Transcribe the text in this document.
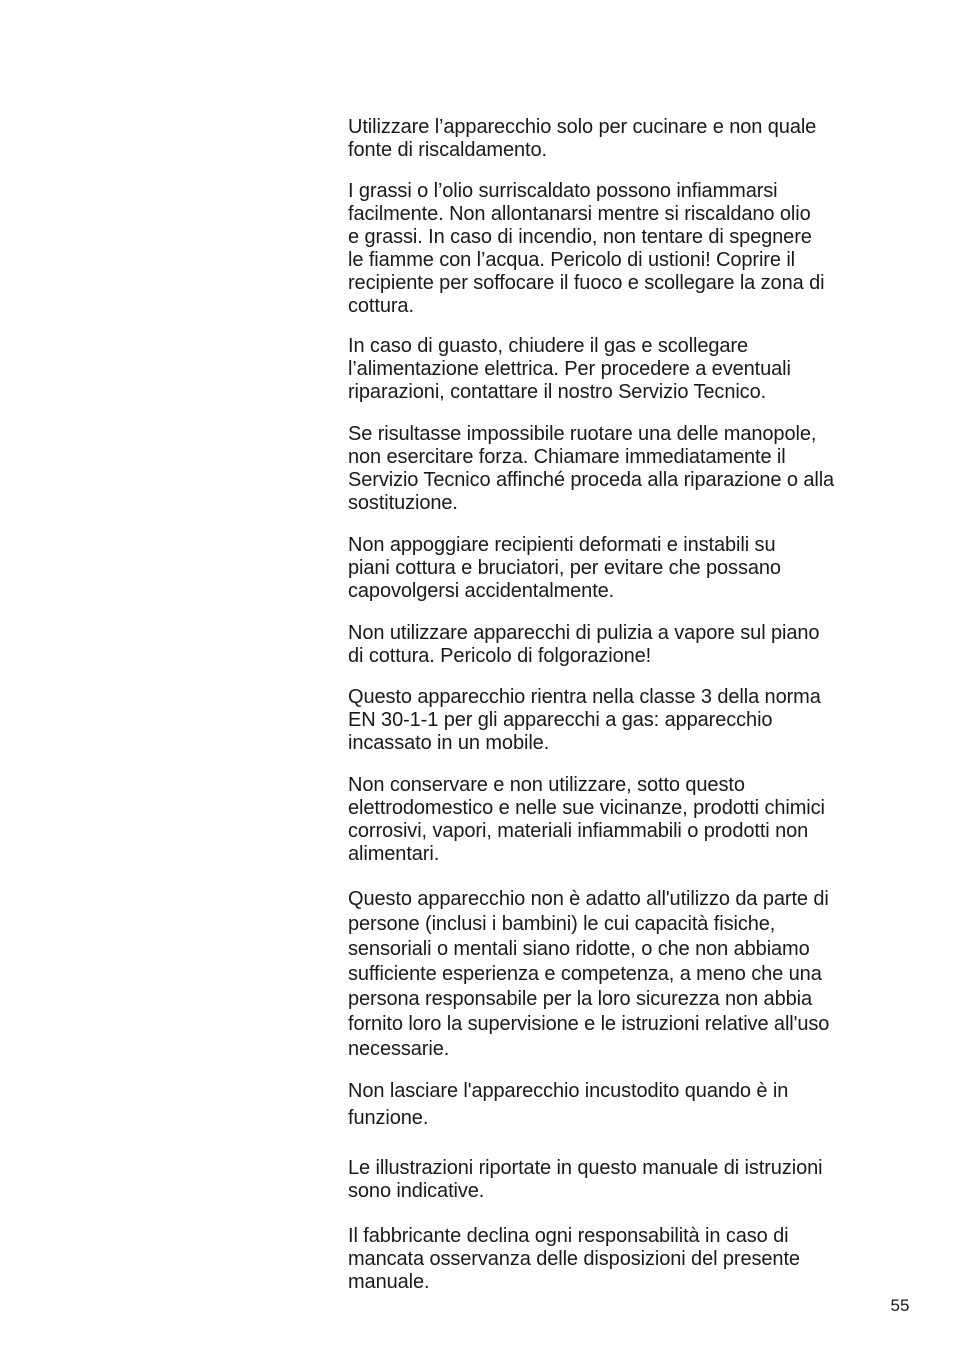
Utilizzare l’apparecchio solo per cucinare e non quale
fonte di riscaldamento.

I grassi o l’olio surriscaldato possono infiammarsi
facilmente. Non allontanarsi mentre si riscaldano olio
e grassi. In caso di incendio, non tentare di spegnere
le fiamme con l’acqua. Pericolo di ustioni! Coprire il
recipiente per soffocare il fuoco e scollegare la zona di
cottura.

In caso di guasto, chiudere il gas e scollegare
l’alimentazione elettrica. Per procedere a eventuali
riparazioni, contattare il nostro Servizio Tecnico.

Se risultasse impossibile ruotare una delle manopole,
non esercitare forza. Chiamare immediatamente il
Servizio Tecnico affinché proceda alla riparazione o alla
sostituzione.

Non appoggiare recipienti deformati e instabili su
piani cottura e bruciatori, per evitare che possano
capovolgersi accidentalmente.

Non utilizzare apparecchi di pulizia a vapore sul piano
di cottura. Pericolo di folgorazione!

Questo apparecchio rientra nella classe 3 della norma
EN 30-1-1 per gli apparecchi a gas: apparecchio
incassato in un mobile.

Non conservare e non utilizzare, sotto questo
elettrodomestico e nelle sue vicinanze, prodotti chimici
corrosivi, vapori, materiali infiammabili o prodotti non
alimentari.

Questo apparecchio non è adatto all'utilizzo da parte di
persone (inclusi i bambini) le cui capacità fisiche,
sensoriali o mentali siano ridotte, o che non abbiamo
sufficiente esperienza e competenza, a meno che una
persona responsabile per la loro sicurezza non abbia
fornito loro la supervisione e le istruzioni relative all'uso
necessarie.

Non lasciare l'apparecchio incustodito quando è in
funzione.

Le illustrazioni riportate in questo manuale di istruzioni
sono indicative.

Il fabbricante declina ogni responsabilità in caso di
mancata osservanza delle disposizioni del presente
manuale.

55
